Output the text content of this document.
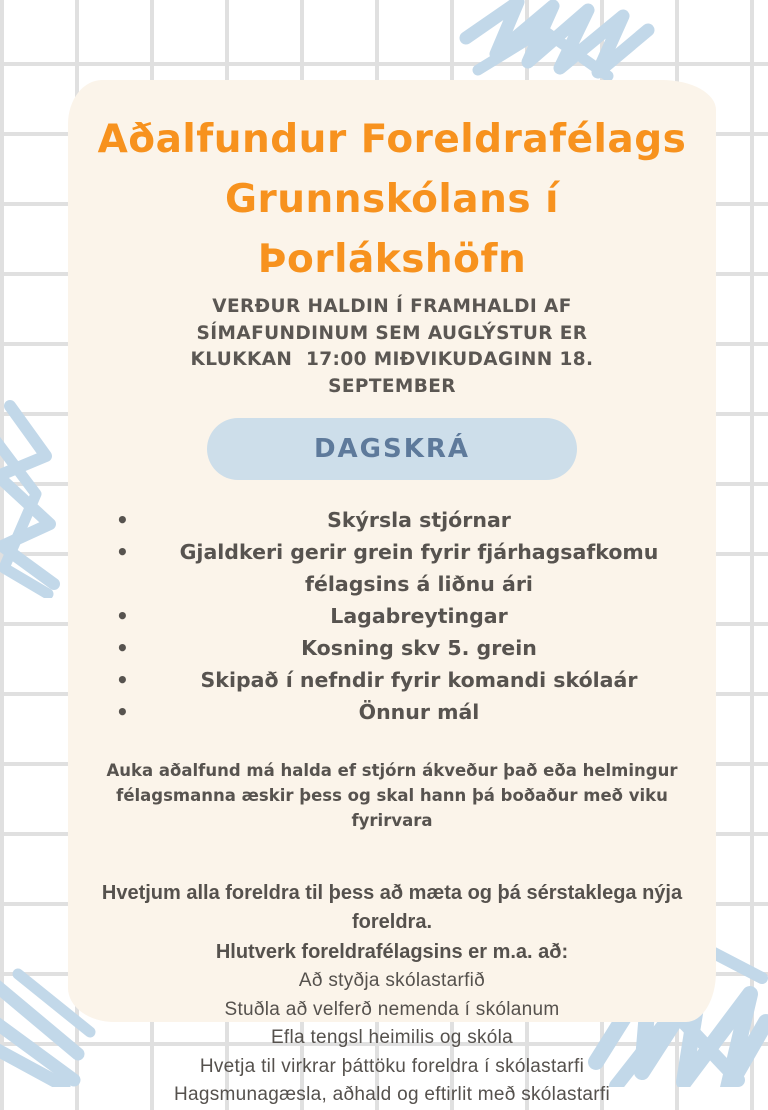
Aðalfundur Foreldrafélags
Grunnskólans í Þorlákshöfn
VERÐUR HALDIN Í FRAMHALDI AF
SÍMAFUNDINUM SEM AUGLÝSTUR ER
KLUKKAN  17:00 MIÐVIKUDAGINN 18.
SEPTEMBER
DAGSKRÁ
•	Skýrsla stjórnar
•	Gjaldkeri gerir grein fyrir fjárhagsafkomu félagsins á liðnu ári
•	Lagabreytingar
•	Kosning skv 5. grein
•	Skipað í nefndir fyrir komandi skólaár
•	Önnur mál
Auka aðalfund má halda ef stjórn ákveður það eða helmingur félagsmanna æskir þess og skal hann þá boðaður með viku fyrirvara
Hvetjum alla foreldra til þess að mæta og þá sérstaklega nýja foreldra.
Hlutverk foreldrafélagsins er m.a. að:
Að styðja skólastarfið
Stuðla að velferð nemenda í skólanum
Efla tengsl heimilis og skóla
Hvetja til virkrar þáttöku foreldra í skólastarfi
Hagsmunagæsla, aðhald og eftirlit með skólastarfi
